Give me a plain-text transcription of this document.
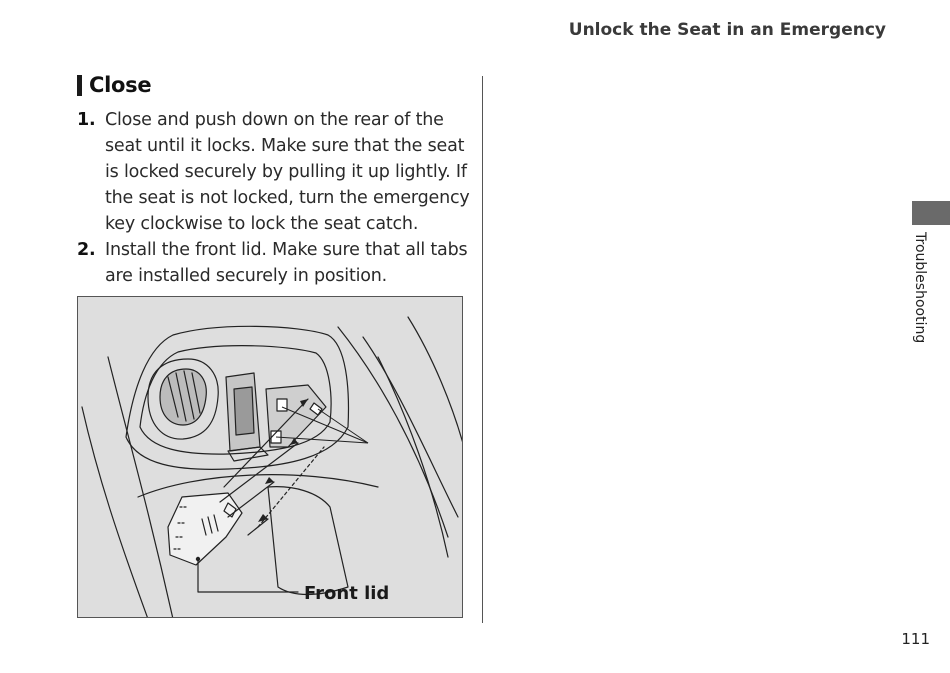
Unlock the Seat in an Emergency
Close
1. Close and push down on the rear of the seat until it locks. Make sure that the seat is locked securely by pulling it up lightly. If the seat is not locked, turn the emergency key clockwise to lock the seat catch.
2. Install the front lid. Make sure that all tabs are installed securely in position.
Front lid
Troubleshooting
111
